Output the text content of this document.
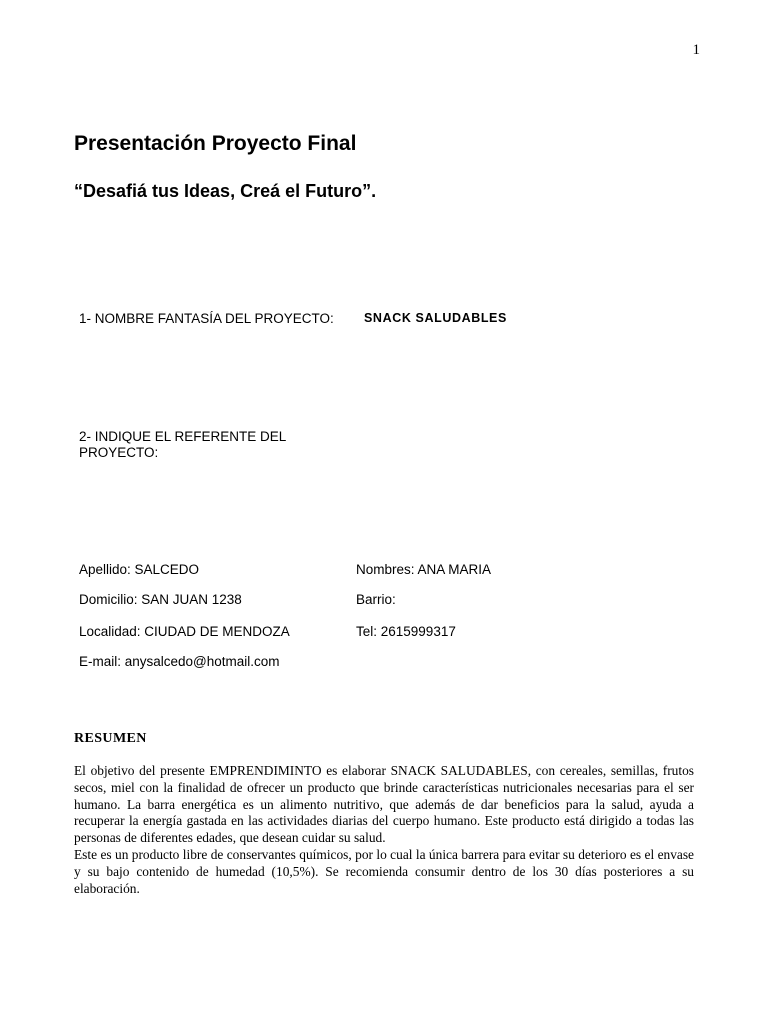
1
Presentación Proyecto Final
“Desafiá tus Ideas, Creá el Futuro”.
1- NOMBRE FANTASÍA DEL PROYECTO: SNACK SALUDABLES
2- INDIQUE EL REFERENTE DEL PROYECTO:
Apellido: SALCEDO	Nombres: ANA MARIA
Domicilio: SAN JUAN 1238	Barrio:
Localidad: CIUDAD DE MENDOZA	Tel: 2615999317
E-mail: anysalcedo@hotmail.com
RESUMEN

El objetivo del presente EMPRENDIMINTO es elaborar SNACK SALUDABLES, con cereales, semillas, frutos secos, miel con la finalidad de ofrecer un producto que brinde características nutricionales necesarias para el ser humano. La barra energética es un alimento nutritivo, que además de dar beneficios para la salud, ayuda a recuperar la energía gastada en las actividades diarias del cuerpo humano. Este producto está dirigido a todas las personas de diferentes edades, que desean cuidar su salud.

Este es un producto libre de conservantes químicos, por lo cual la única barrera para evitar su deterioro es el envase y su bajo contenido de humedad (10,5%). Se recomienda consumir dentro de los 30 días posteriores a su elaboración.
